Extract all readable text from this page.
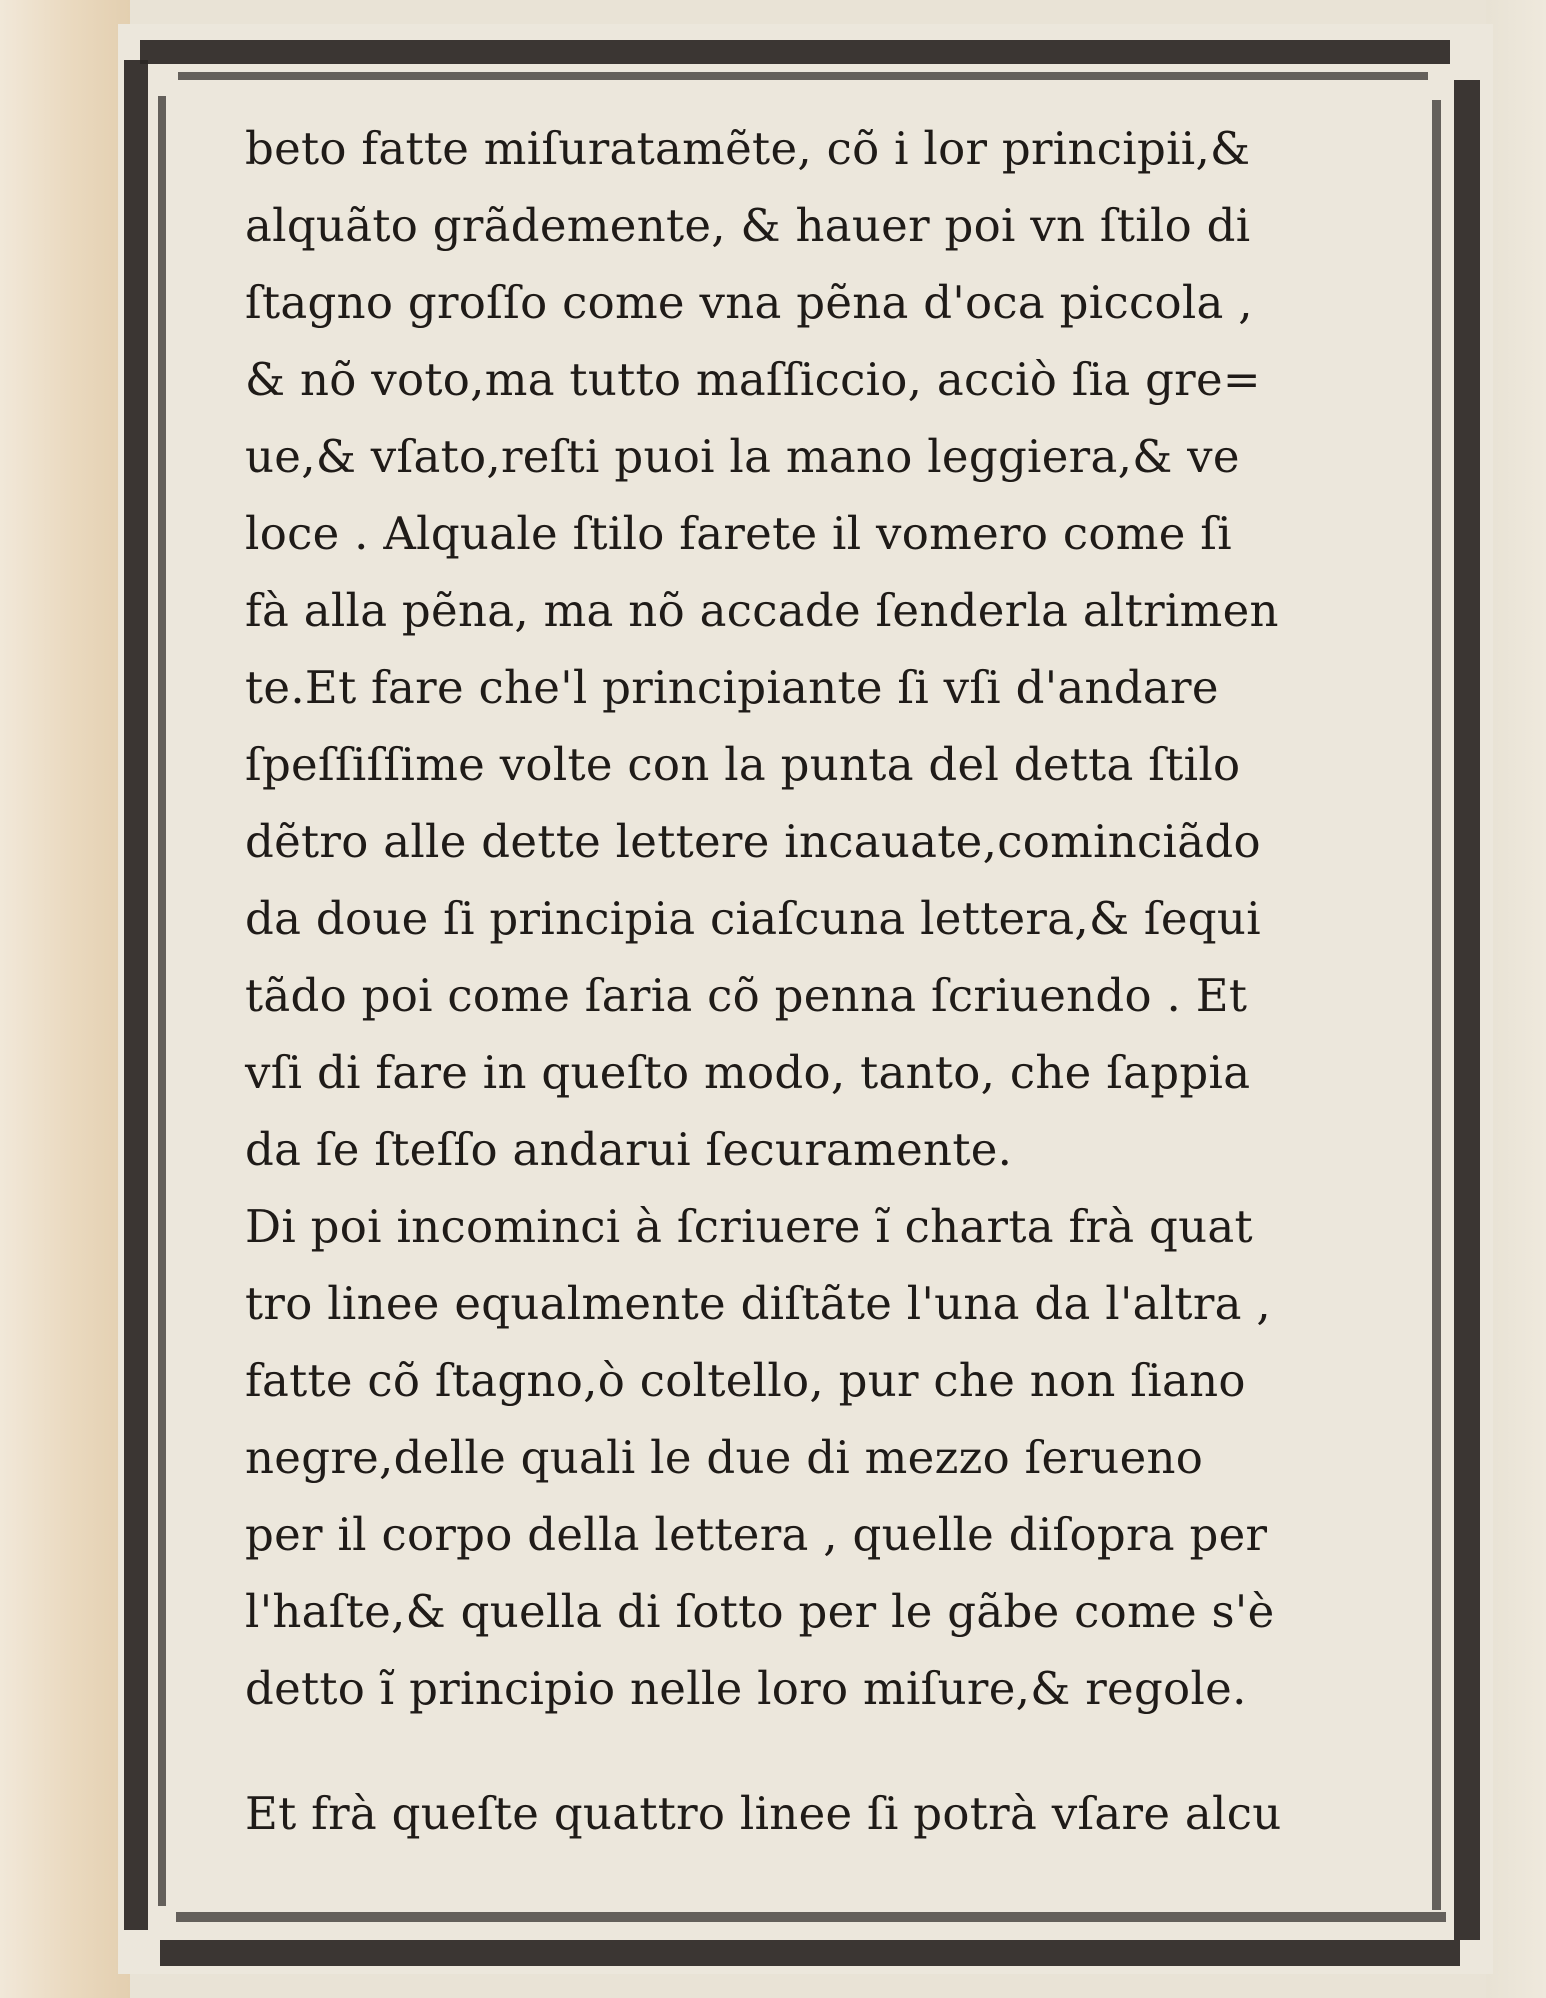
beto fatte miſuratamẽte, cõ i lor principii,&
alquãto grãdemente, & hauer poi vn ſtilo di
ſtagno groſſo come vna pẽna d'oca piccola ,
& nõ voto,ma tutto maſſiccio, acciò ſia gre=
ue,& vſato,reſti puoi la mano leggiera,& ve
loce . Alquale ſtilo farete il vomero come ſi
fà alla pẽna, ma nõ accade ſenderla altrimen
te.Et fare che'l principiante ſi vſi d'andare
ſpeſſiſſime volte con la punta del detta ſtilo
dẽtro alle dette lettere incauate,cominciãdo
da doue ſi principia ciaſcuna lettera,& ſequi
tãdo poi come ſaria cõ penna ſcriuendo . Et
vſi di fare in queſto modo, tanto, che ſappia
da ſe ſteſſo andarui ſecuramente.
Di poi incominci à ſcriuere ĩ charta frà quat
tro linee equalmente diſtãte l'una da l'altra ,
fatte cõ ſtagno,ò coltello, pur che non ſiano
negre,delle quali le due di mezzo ſerueno
per il corpo della lettera , quelle diſopra per
l'haſte,& quella di ſotto per le gãbe come s'è
detto ĩ principio nelle loro miſure,& regole.
Et frà queſte quattro linee ſi potrà vſare alcu
